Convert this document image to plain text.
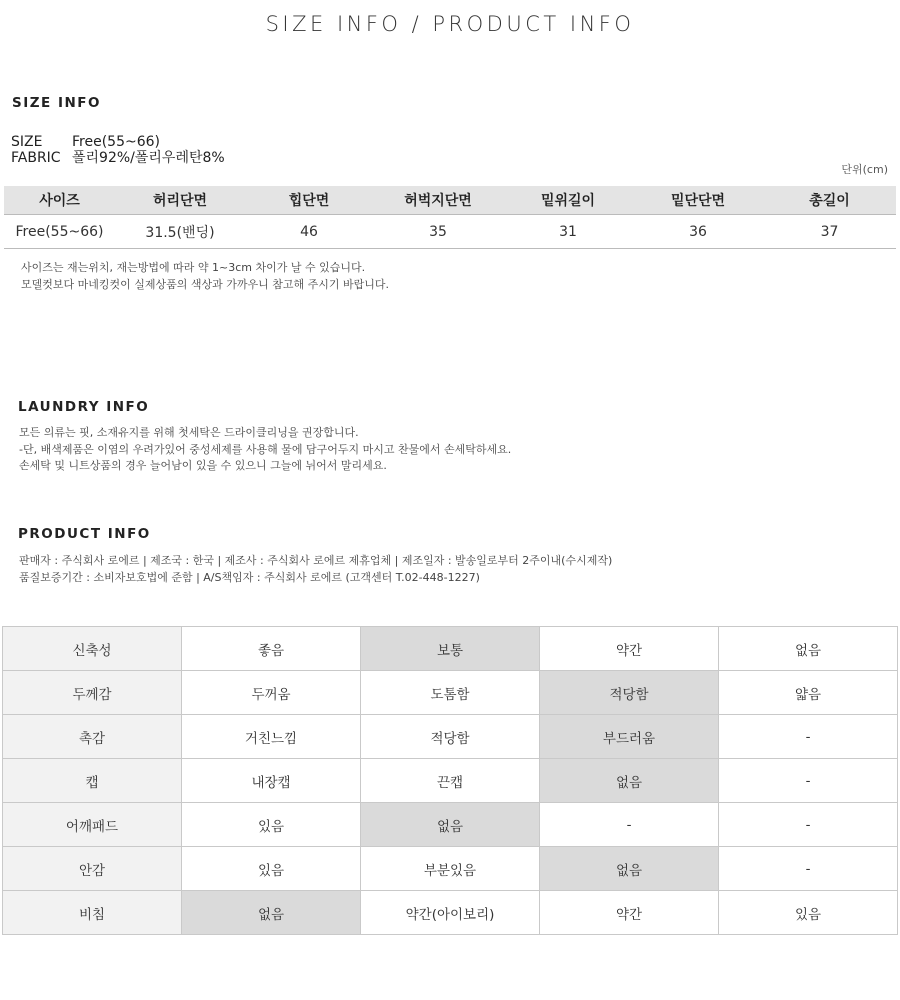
SIZE INFO / PRODUCT INFO
SIZE INFO
SIZE Free(55~66)
FABRIC 폴리92%/폴리우레탄8%
단위(cm)
사이즈	허리단면	힙단면	허벅지단면	밑위길이	밑단단면	총길이
Free(55~66)	31.5(밴딩)	46	35	31	36	37
사이즈는 재는위치, 재는방법에 따라 약 1~3cm 차이가 날 수 있습니다.
모델컷보다 마네킹컷이 실제상품의 색상과 가까우니 참고해 주시기 바랍니다.
LAUNDRY INFO
모든 의류는 핏, 소재유지를 위해 첫세탁은 드라이클리닝을 권장합니다.
-단, 배색제품은 이염의 우려가있어 중성세제를 사용해 물에 담구어두지 마시고 찬물에서 손세탁하세요.
손세탁 및 니트상품의 경우 늘어남이 있을 수 있으니 그늘에 뉘어서 말리세요.
PRODUCT INFO
판매자 : 주식회사 로에르 | 제조국 : 한국 | 제조사 : 주식회사 로에르 제휴업체 | 제조일자 : 발송일로부터 2주이내(수시제작)
품질보증기간 : 소비자보호법에 준함 | A/S책임자 : 주식회사 로에르 (고객센터 T.02-448-1227)
신축성	좋음	보통	약간	없음
두께감	두꺼움	도톰함	적당함	얇음
촉감	거친느낌	적당함	부드러움	-
캡	내장캡	끈캡	없음	-
어깨패드	있음	없음	-	-
안감	있음	부분있음	없음	-
비침	없음	약간(아이보리)	약간	있음
